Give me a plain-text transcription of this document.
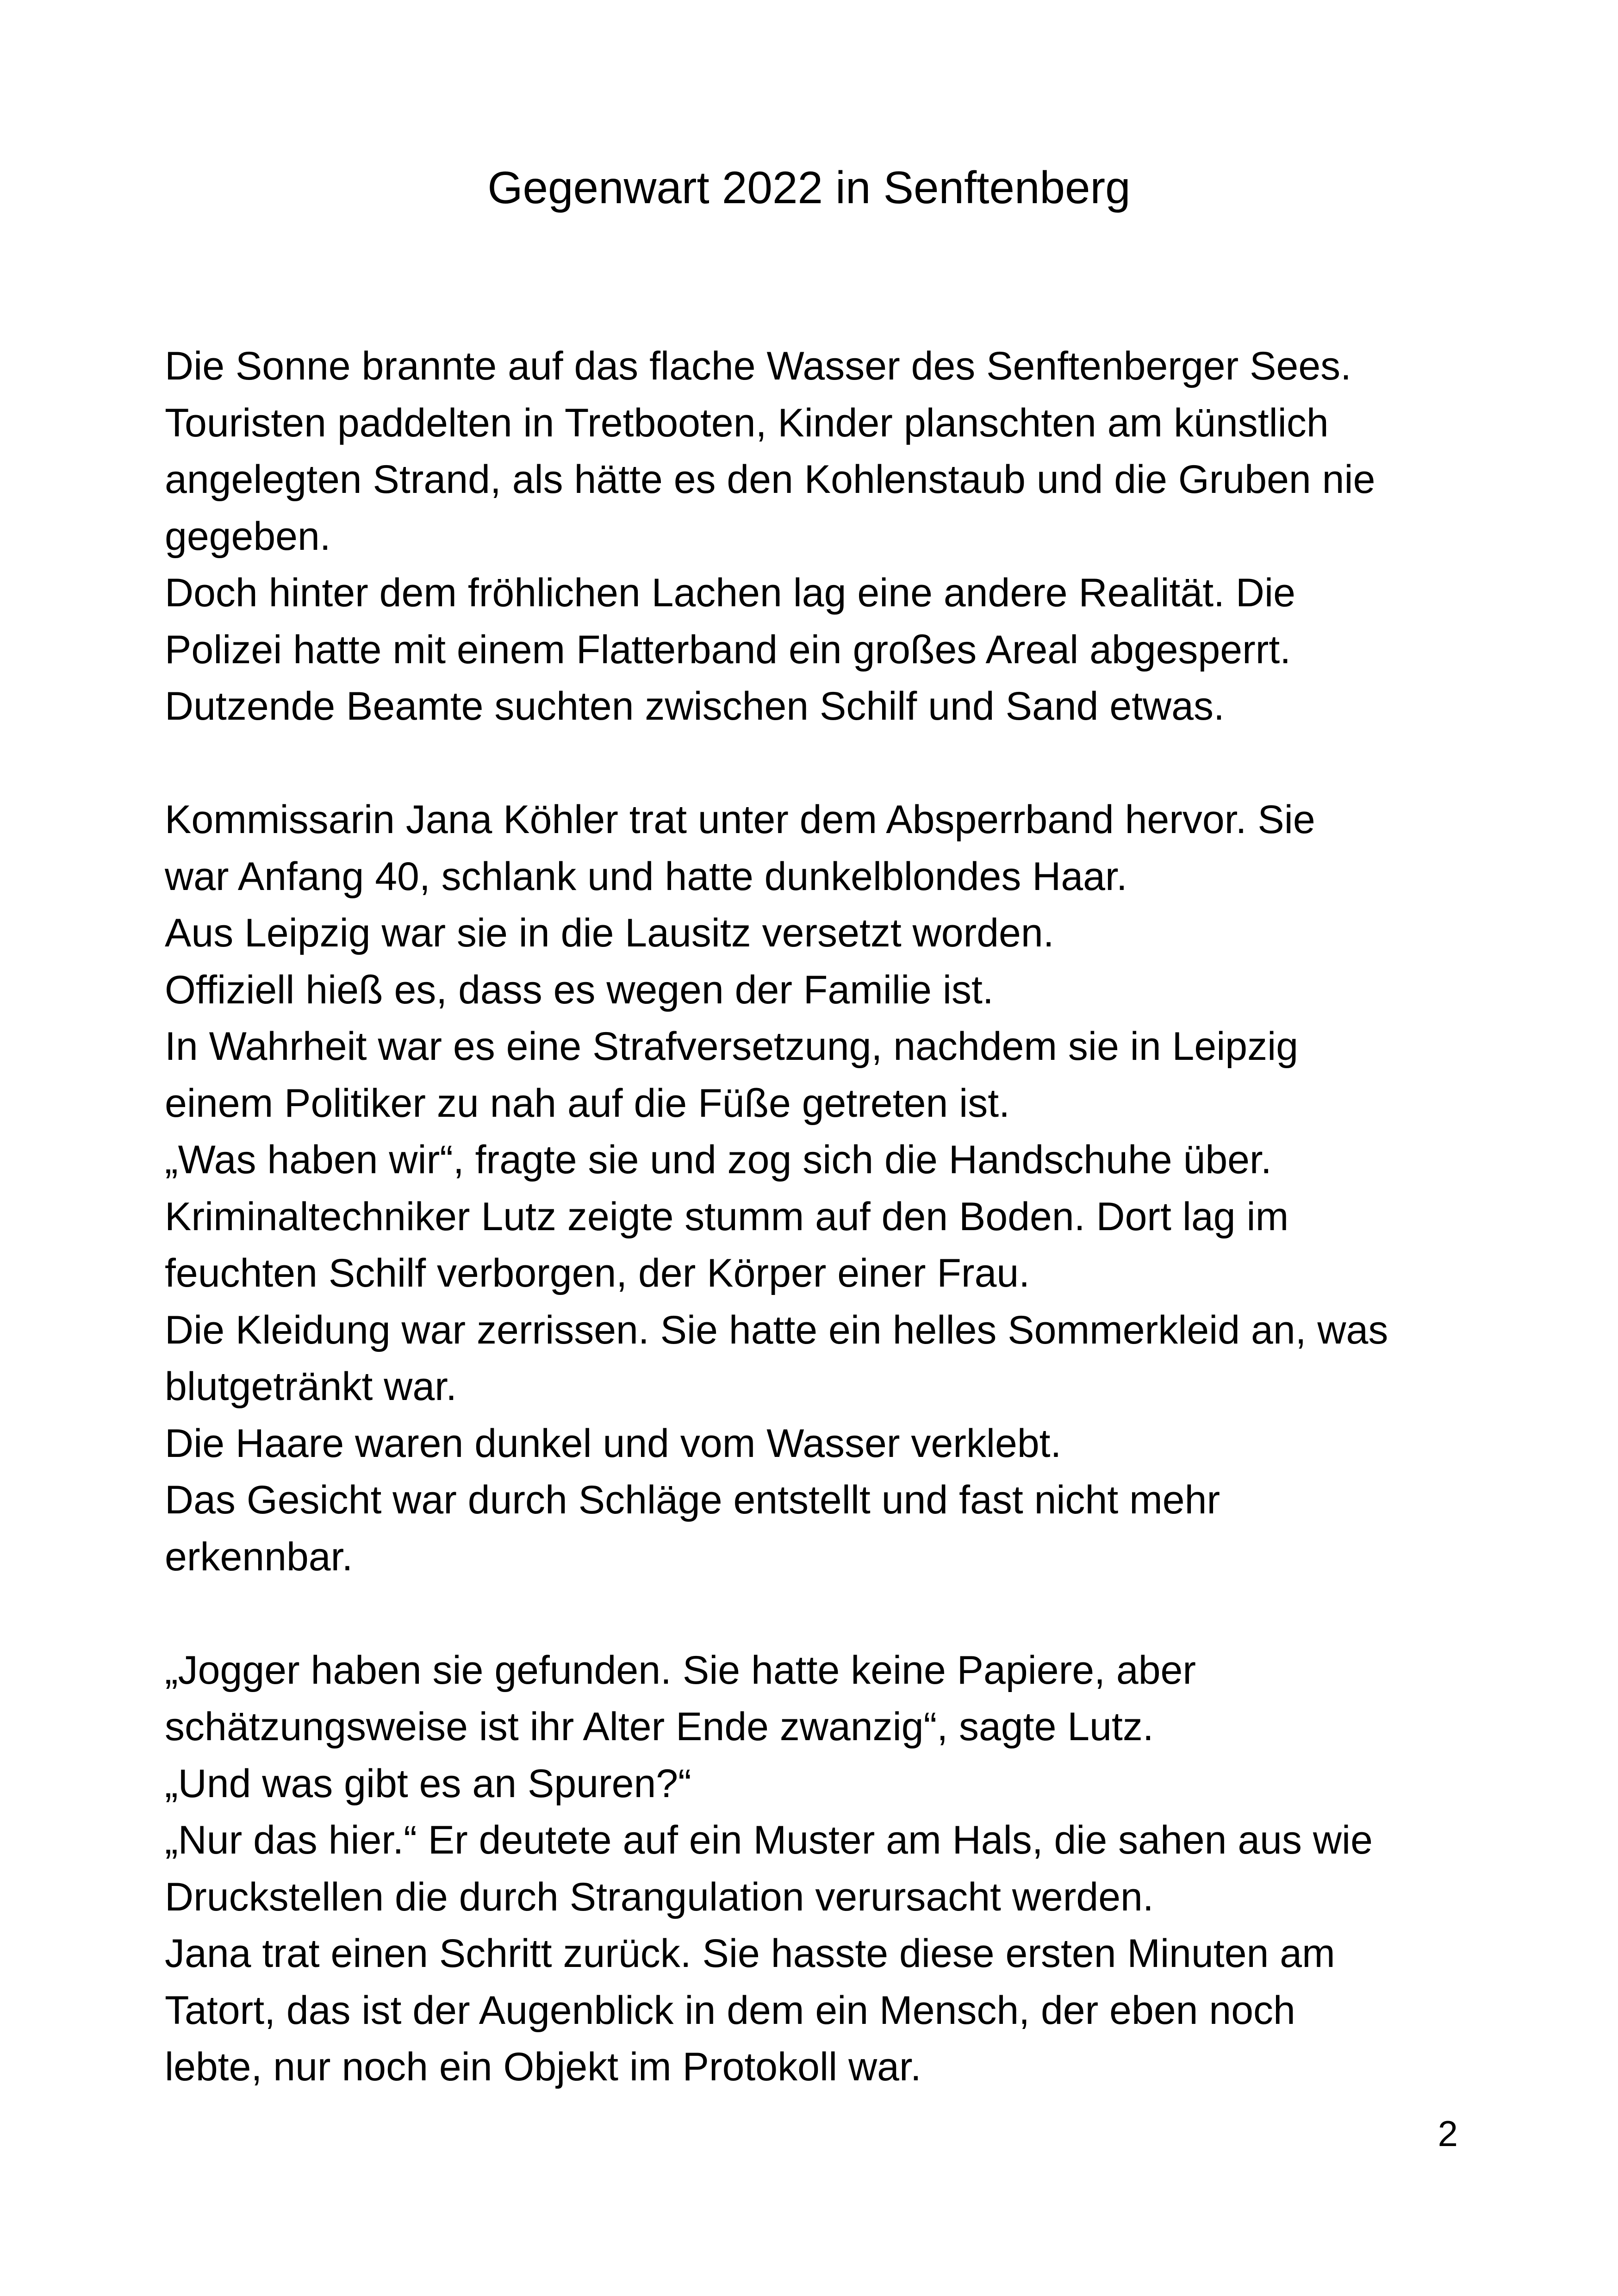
Gegenwart 2022 in Senftenberg
Die Sonne brannte auf das flache Wasser des Senftenberger Sees.
Touristen paddelten in Tretbooten, Kinder planschten am künstlich
angelegten Strand, als hätte es den Kohlenstaub und die Gruben nie
gegeben.
Doch hinter dem fröhlichen Lachen lag eine andere Realität. Die
Polizei hatte mit einem Flatterband ein großes Areal abgesperrt.
Dutzende Beamte suchten zwischen Schilf und Sand etwas.
Kommissarin Jana Köhler trat unter dem Absperrband hervor. Sie
war Anfang 40, schlank und hatte dunkelblondes Haar.
Aus Leipzig war sie in die Lausitz versetzt worden.
Offiziell hieß es, dass es wegen der Familie ist.
In Wahrheit war es eine Strafversetzung, nachdem sie in Leipzig
einem Politiker zu nah auf die Füße getreten ist.
„Was haben wir“, fragte sie und zog sich die Handschuhe über.
Kriminaltechniker Lutz zeigte stumm auf den Boden. Dort lag im
feuchten Schilf verborgen, der Körper einer Frau.
Die Kleidung war zerrissen. Sie hatte ein helles Sommerkleid an, was
blutgetränkt war.
Die Haare waren dunkel und vom Wasser verklebt.
Das Gesicht war durch Schläge entstellt und fast nicht mehr
erkennbar.
„Jogger haben sie gefunden. Sie hatte keine Papiere, aber
schätzungsweise ist ihr Alter Ende zwanzig“, sagte Lutz.
„Und was gibt es an Spuren?“
„Nur das hier.“ Er deutete auf ein Muster am Hals, die sahen aus wie
Druckstellen die durch Strangulation verursacht werden.
Jana trat einen Schritt zurück. Sie hasste diese ersten Minuten am
Tatort, das ist der Augenblick in dem ein Mensch, der eben noch
lebte, nur noch ein Objekt im Protokoll war.
2
